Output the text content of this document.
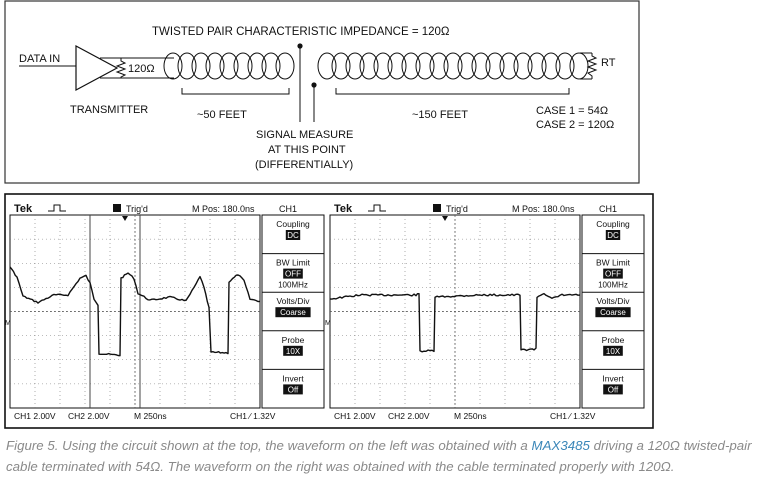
TWISTED PAIR CHARACTERISTIC IMPEDANCE = 120Ω
DATA IN
120Ω
TRANSMITTER
SIGNAL MEASURE
AT THIS POINT
(DIFFERENTIALLY)
~50 FEET	~150 FEET
RT
CASE 1 = 54Ω
CASE 2 = 120Ω
Tek	Trig'd	M Pos: 180.0ns	CH1
M
Coupling
DC
BW Limit
OFF
100MHz
Volts/Div
Coarse
Probe
10X
Invert
Off
CH1 2.00V CH2 2.00V	M 250ns	CH1 ∕ 1.32V
Tek	Trig'd	M Pos: 180.0ns	CH1
M
Coupling
DC
BW Limit
OFF
100MHz
Volts/Div
Coarse
Probe
10X
Invert
Off
CH1 2.00V CH2 2.00V	M 250ns	CH1 ∕ 1.32V

Figure 5. Using the circuit shown at the top, the waveform on the left was obtained with a MAX3485 driving a 120Ω twisted-pair cable terminated with 54Ω. The waveform on the right was obtained with the cable terminated properly with 120Ω.
